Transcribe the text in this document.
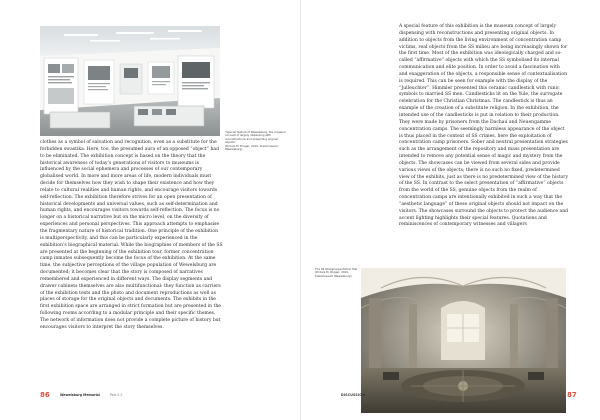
"Special feature of Wewelsburg: the museum concept of largely dispensing with reconstructions and presenting original objects"
(Picture M. Dreger, 2010, Kreismuseum Wewelsburg)

clothes as a symbol of salvation and recognition, even as a substitute for the forbidden swastika. Here, too, the presumed aura of an opposed “object” had to be eliminated. The exhibition concept is based on the theory that the historical awareness of today’s generations of visitors to museums is influenced by the social ephemera and processes of our contemporary globalised world. In more and more areas of life, modern individuals must decide for themselves how they wish to shape their existence and how they relate to cultural realities and human rights, and encourage visitors towards self-reflection. The exhibition therefore strives for an open presentation of historical developments and universal values, such as self-determination and human rights, and encourages visitors towards self-reflection. The focus is no longer on a historical narrative but on the micro level, on the diversity of experiences and personal perspectives. This approach attempts to emphasise the fragmentary nature of historical tradition. One principle of the exhibition is multiperspectivity, and this can be particularly experienced in the exhibition’s biographical material. While the biographies of members of the SS are presented at the beginning of the exhibition tour, former concentration camp inmates subsequently become the focus of the exhibition. At the same time, the subjective perceptions of the village population of Wewelsburg are documented; it becomes clear that the story is composed of narratives remembered and experienced in different ways. The display segments and drawer cabinets themselves are also multifunctional: they function as carriers of the exhibition texts and the photo and document reproductions as well as places of storage for the original objects and documents. The exhibits in the first exhibition space are arranged in strict formation but are presented in the following rooms according to a modular principle and their specific themes. The network of information does not provide a complete picture of history but encourages visitors to interpret the story themselves.

86	Wewelsburg Memorial	Part 2.2

A special feature of this exhibition is the museum concept of largely dispensing with reconstructions and presenting original objects. In addition to objects from the living environment of concentration camp victims, real objects from the SS milieu are being increasingly shown for the first time. Most of the exhibition was ideologically charged and so-called “affirmative” objects with which the SS symbolised its internal communication and elite position. In order to avoid a fascination with and exaggeration of the objects, a responsible sense of contextualisation is required. This can be seen for example with the display of the “Julleuchter”. Himmler presented this ceramic candlestick with runic symbols to married SS men. Candlesticks lit on the Yule, the surrogate celebration for the Christian Christmas. The candlestick is thus an example of the creation of a substitute religion. In the exhibition, the intended use of the candlesticks is put in relation to their production. They were made by prisoners from the Dachau and Neuengamme concentration camps. The seemingly harmless appearance of the object is thus placed in the context of SS crimes, here the exploitation of concentration camp prisoners. Sober and neutral presentation strategies such as the arrangement of the repository and mass presentation are intended to remove any potential sense of magic and mystery from the objects. The showcases can be viewed from several sides and provide various views of the objects; there is no such no fixed, predetermined view of the exhibits, just as there is no predetermined view of the history of the SS. In contrast to the select presentation of “affirmative” objects from the world of the SS, genuine objects from the realm of concentration camps are intentionally exhibited in such a way that the “aesthetic language” of these original objects should not impact on the visitors. The showcases surround the objects to protect the audience and accent lighting highlights their special features. Quotations and reminiscences of contemporary witnesses and villagers

The SS Obergruppenführer Hall (Picture M. Dreger, 2010, Kreismuseum Wewelsburg)
DISCUSSION	87
